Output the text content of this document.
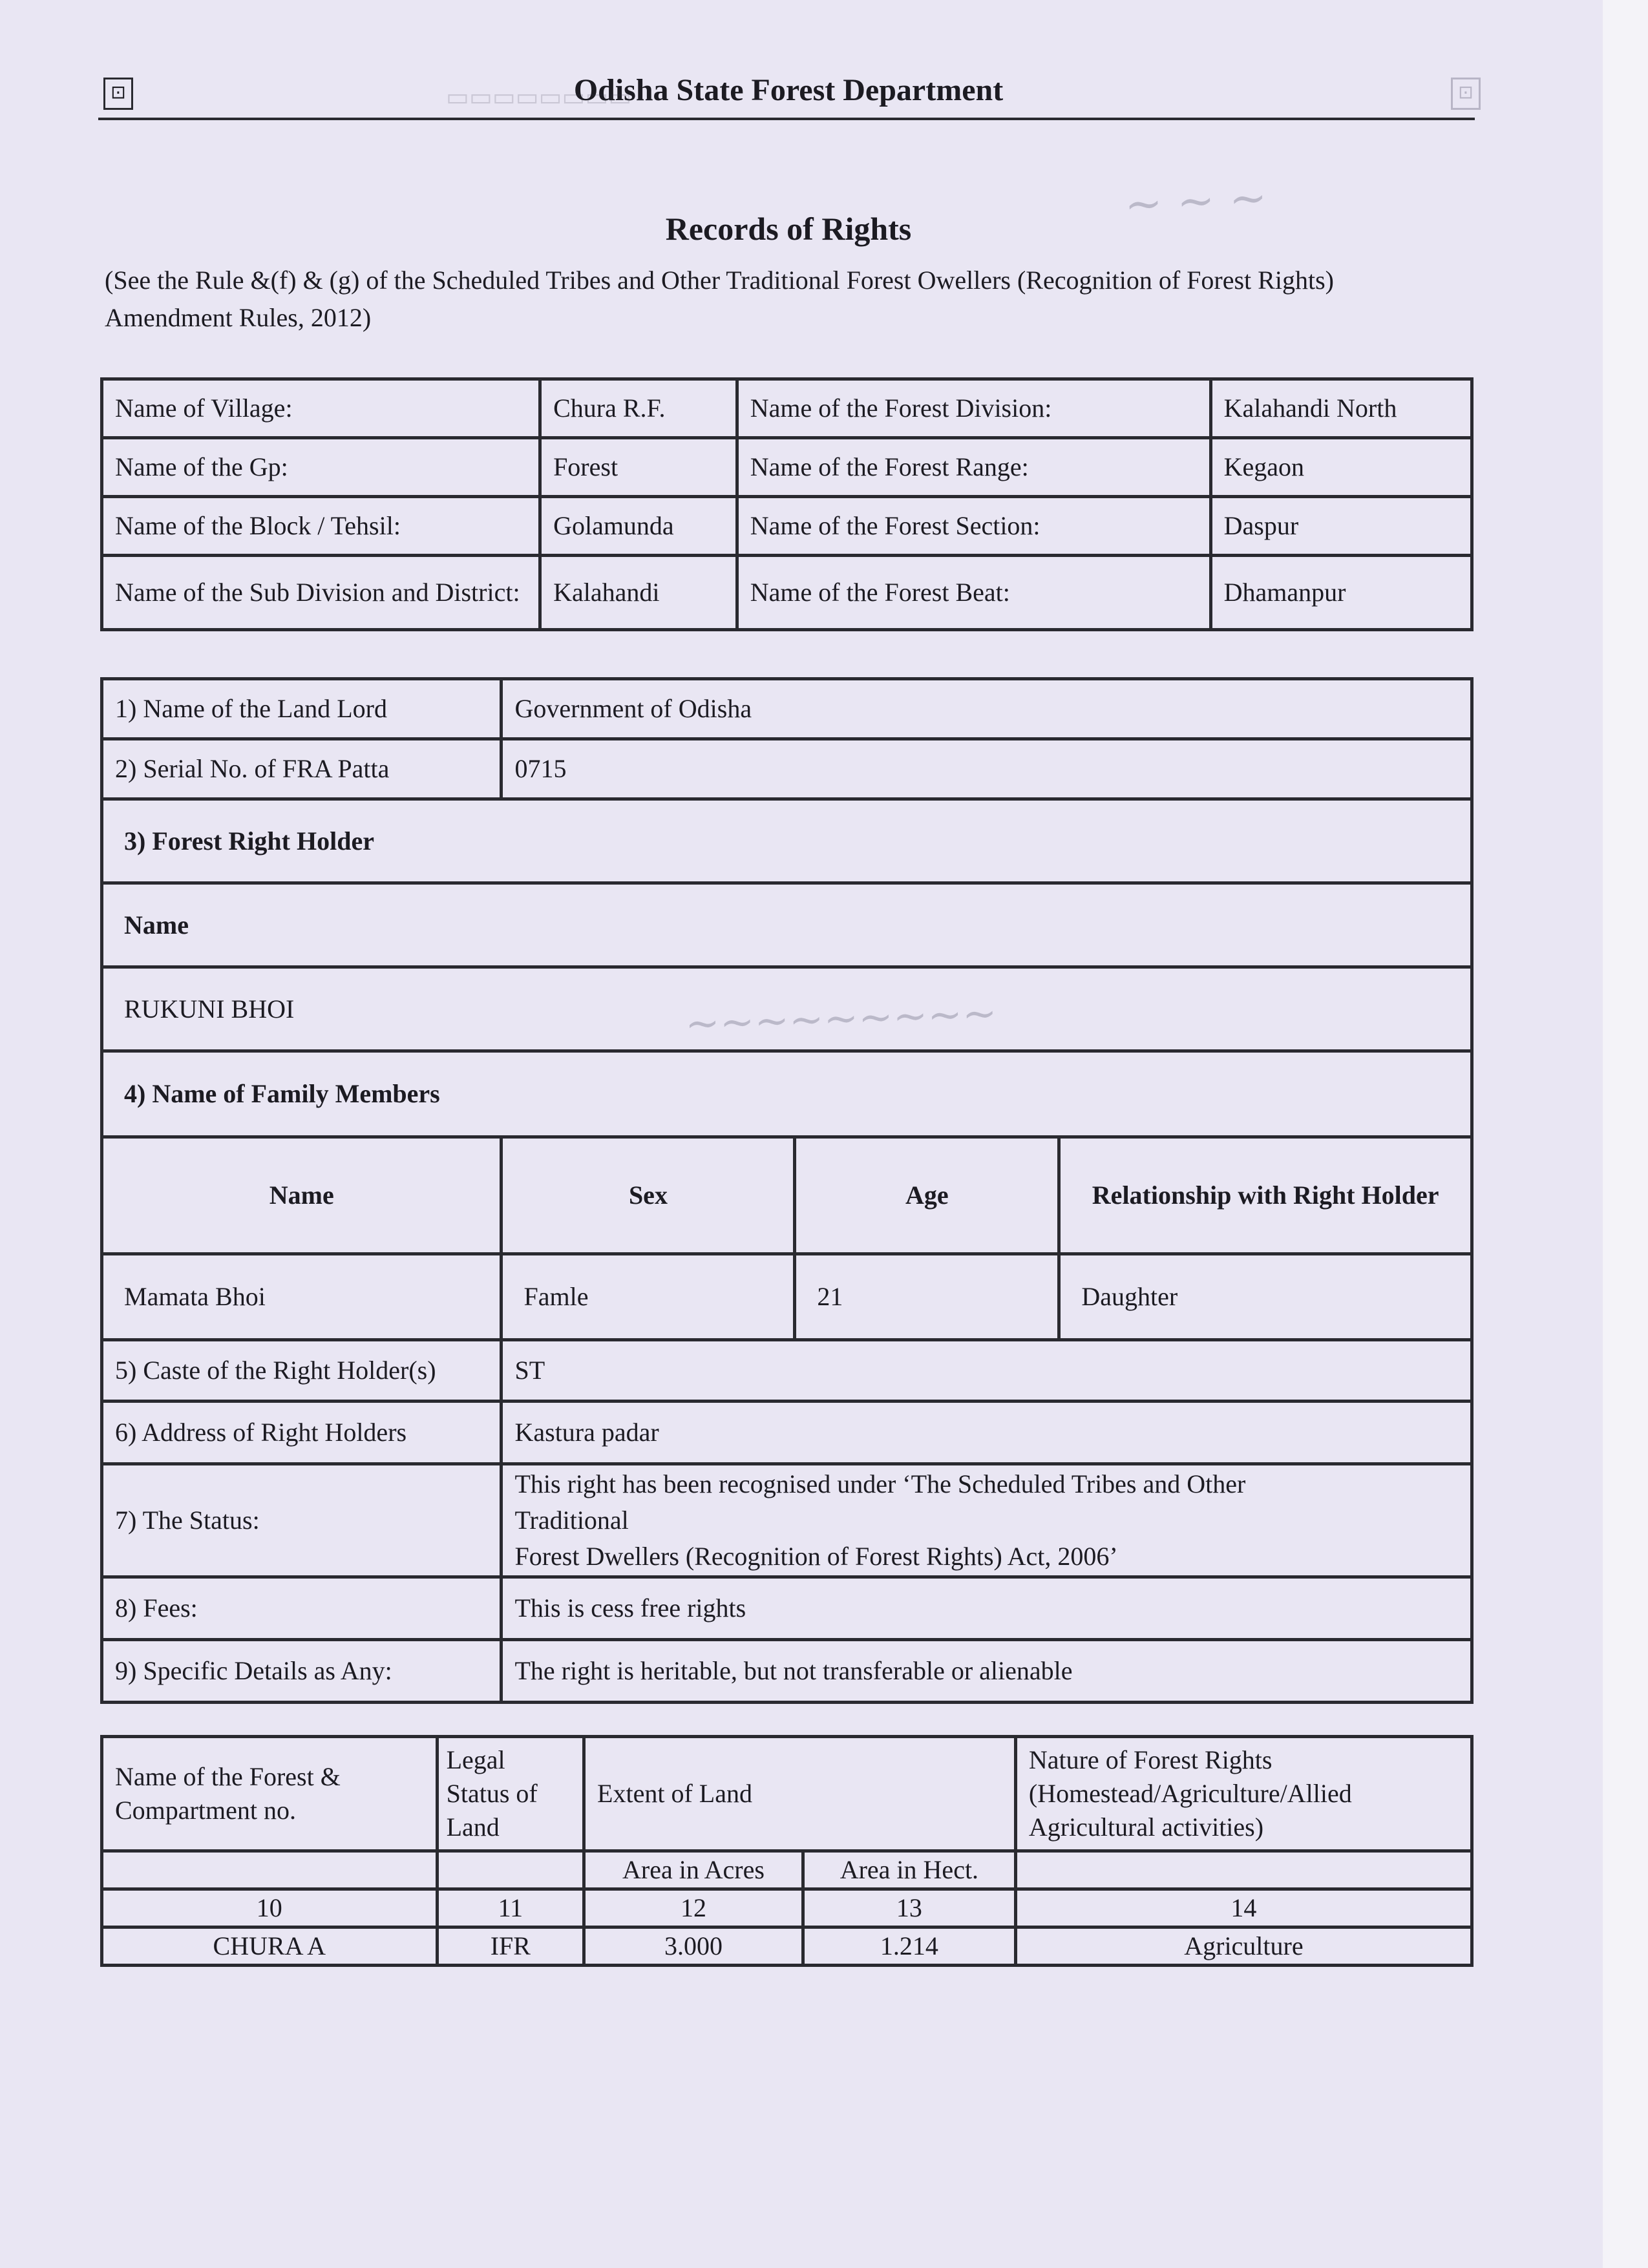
⊡	⊡
Odisha State Forest Department
▭▭▭▭▭▭▭▭
~ ~ ~
~~~~~~~~~
Records of Rights
(See the Rule &(f) & (g) of the Scheduled Tribes and Other Traditional Forest Owellers (Recognition of Forest Rights) Amendment Rules, 2012)
Name of Village:	Chura R.F.	Name of the Forest Division:	Kalahandi North
Name of the Gp:	Forest	Name of the Forest Range:	Kegaon
Name of the Block / Tehsil:	Golamunda	Name of the Forest Section:	Daspur
Name of the Sub Division and District:	Kalahandi	Name of the Forest Beat:	Dhamanpur
1) Name of the Land Lord	Government of Odisha		
2) Serial No. of FRA Patta	0715		
3) Forest Right Holder			
Name			
RUKUNI BHOI			
4) Name of Family Members			
Name	Sex	Age	Relationship with Right Holder
Mamata Bhoi	Famle	21	Daughter
5) Caste of the Right Holder(s)	ST		
6) Address of Right Holders	Kastura padar		
7) The Status:	This right has been recognised under ‘The Scheduled Tribes and Other
Traditional
Forest Dwellers (Recognition of Forest Rights) Act, 2006’		

8) Fees:	This is cess free rights		
9) Specific Details as Any:	The right is heritable, but not transferable or alienable		
Name of the Forest & Compartment no.	Legal Status of Land	Extent of Land		Nature of Forest Rights (Homestead/Agriculture/Allied Agricultural activities)
		Area in Acres	Area in Hect.	
10	11	12	13	14
CHURA A	IFR	3.000	1.214	Agriculture
